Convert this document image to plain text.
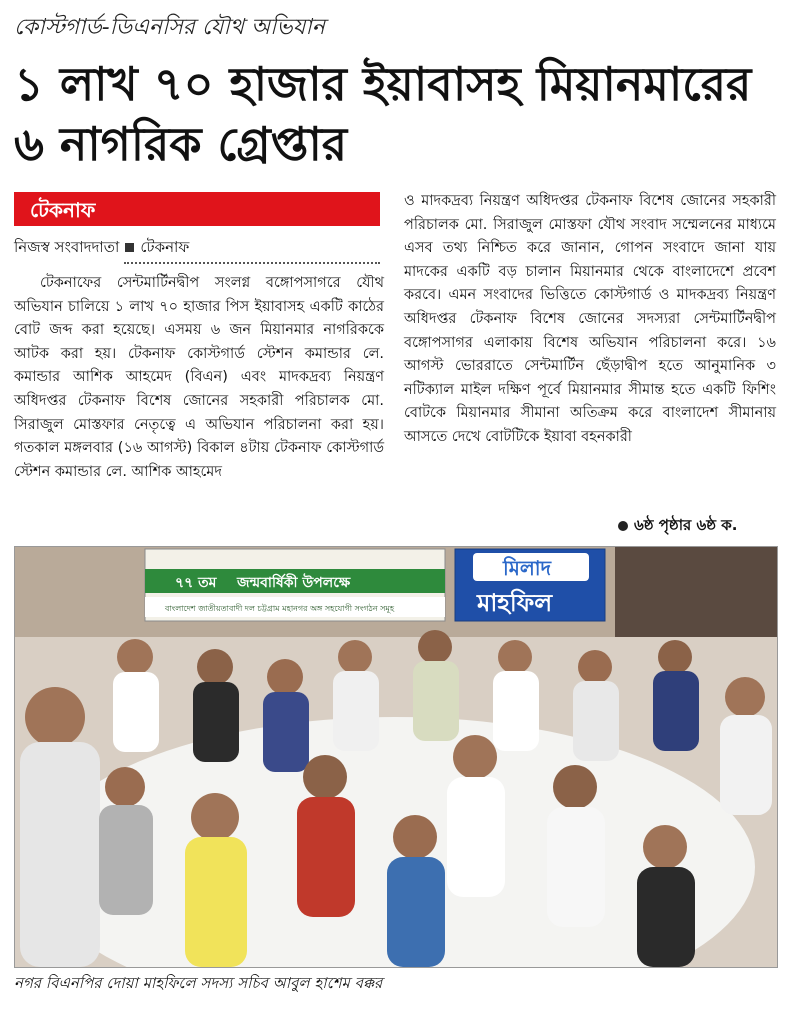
কোস্টগার্ড-ডিএনসির যৌথ অভিযান
১ লাখ ৭০ হাজার ইয়াবাসহ মিয়ানমারের ৬ নাগরিক গ্রেপ্তার
টেকনাফ
নিজস্ব সংবাদদাতা টেকনাফ
টেকনাফের সেন্টমার্টিনদ্বীপ সংলগ্ন বঙ্গোপসাগরে যৌথ অভিযান চালিয়ে ১ লাখ ৭০ হাজার পিস ইয়াবাসহ একটি কাঠের বোট জব্দ করা হয়েছে। এসময় ৬ জন মিয়ানমার নাগরিককে আটক করা হয়। টেকনাফ কোস্টগার্ড স্টেশন কমান্ডার লে. কমান্ডার আশিক আহমেদ (বিএন) এবং মাদকদ্রব্য নিয়ন্ত্রণ অধিদপ্তর টেকনাফ বিশেষ জোনের সহকারী পরিচালক মো. সিরাজুল মোস্তফার নেতৃত্বে এ অভিযান পরিচালনা করা হয়। গতকাল মঙ্গলবার (১৬ আগস্ট) বিকাল ৪টায় টেকনাফ কোস্টগার্ড স্টেশন কমান্ডার লে. আশিক আহমেদ
ও মাদকদ্রব্য নিয়ন্ত্রণ অধিদপ্তর টেকনাফ বিশেষ জোনের সহকারী পরিচালক মো. সিরাজুল মোস্তফা যৌথ সংবাদ সম্মেলনের মাধ্যমে এসব তথ্য নিশ্চিত করে জানান, গোপন সংবাদে জানা যায় মাদকের একটি বড় চালান মিয়ানমার থেকে বাংলাদেশে প্রবেশ করবে। এমন সংবাদের ভিত্তিতে কোস্টগার্ড ও মাদকদ্রব্য নিয়ন্ত্রণ অধিদপ্তর টেকনাফ বিশেষ জোনের সদস্যরা সেন্টমার্টিনদ্বীপ বঙ্গোপসাগর এলাকায় বিশেষ অভিযান পরিচালনা করে। ১৬ আগস্ট ভোররাতে সেন্টমার্টিন ছেঁড়াদ্বীপ হতে আনুমানিক ৩ নটিক্যাল মাইল দক্ষিণ পূর্বে মিয়ানমার সীমান্ত হতে একটি ফিশিং বোটকে মিয়ানমার সীমানা অতিক্রম করে বাংলাদেশ সীমানায় আসতে দেখে বোটটিকে ইয়াবা বহনকারী
৬ষ্ঠ পৃষ্ঠার ৬ষ্ঠ ক.
৭৭ তম জন্মবার্ষিকী উপলক্ষে
বাংলাদেশ জাতীয়তাবাদী দল চট্টগ্রাম মহানগর অঙ্গ সহযোগী সংগঠন সমূহ
মিলাদ
মাহফিল
নগর বিএনপির দোয়া মাহফিলে সদস্য সচিব আবুল হাশেম বক্কর
